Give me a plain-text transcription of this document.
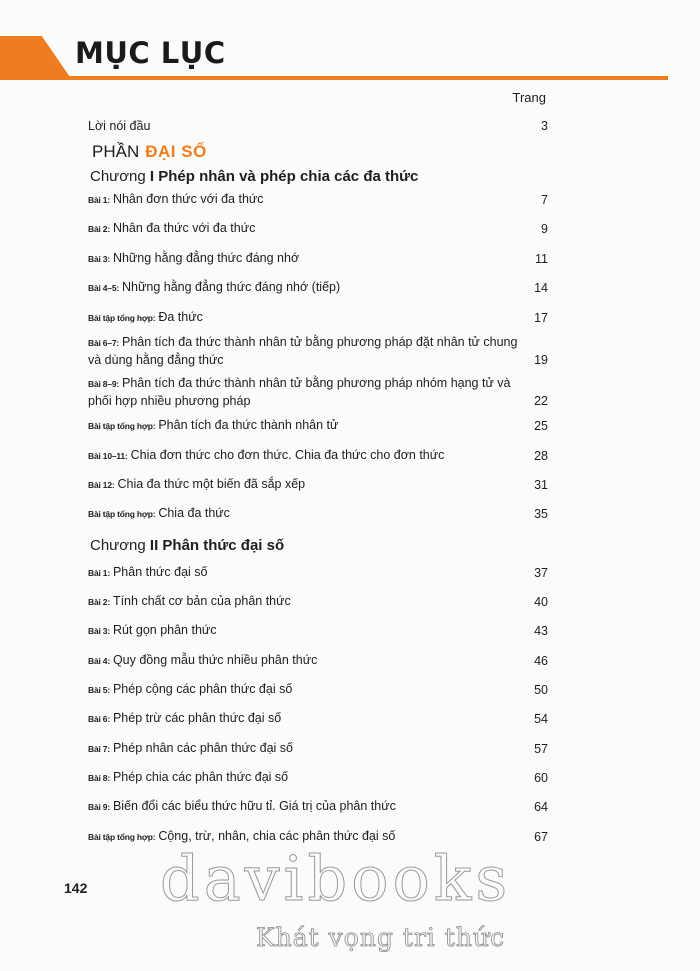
MỤC LỤC
Trang
Lời nói đầu	3
PHẦN ĐẠI SỐ
Chương I Phép nhân và phép chia các đa thức
Bài 1: Nhân đơn thức với đa thức	7
Bài 2: Nhân đa thức với đa thức	9
Bài 3: Những hằng đẳng thức đáng nhớ	11
Bài 4–5: Những hằng đẳng thức đáng nhớ (tiếp)	14
Bài tập tổng hợp: Đa thức	17
Bài 6–7: Phân tích đa thức thành nhân tử bằng phương pháp đặt nhân tử chung
và dùng hằng đẳng thức	19
Bài 8–9: Phân tích đa thức thành nhân tử bằng phương pháp nhóm hạng tử và
phối hợp nhiều phương pháp	22
Bài tập tổng hợp: Phân tích đa thức thành nhân tử	25
Bài 10–11: Chia đơn thức cho đơn thức. Chia đa thức cho đơn thức	28
Bài 12: Chia đa thức một biến đã sắp xếp	31
Bài tập tổng hợp: Chia đa thức	35
Chương II Phân thức đại số
Bài 1: Phân thức đại số	37
Bài 2: Tính chất cơ bản của phân thức	40
Bài 3: Rút gọn phân thức	43
Bài 4: Quy đồng mẫu thức nhiều phân thức	46
Bài 5: Phép cộng các phân thức đại số	50
Bài 6: Phép trừ các phân thức đại số	54
Bài 7: Phép nhân các phân thức đại số	57
Bài 8: Phép chia các phân thức đại số	60
Bài 9: Biến đổi các biểu thức hữu tỉ. Giá trị của phân thức	64
Bài tập tổng hợp: Cộng, trừ, nhân, chia các phân thức đại số	67
142 davibooks
Khát vọng tri thức
